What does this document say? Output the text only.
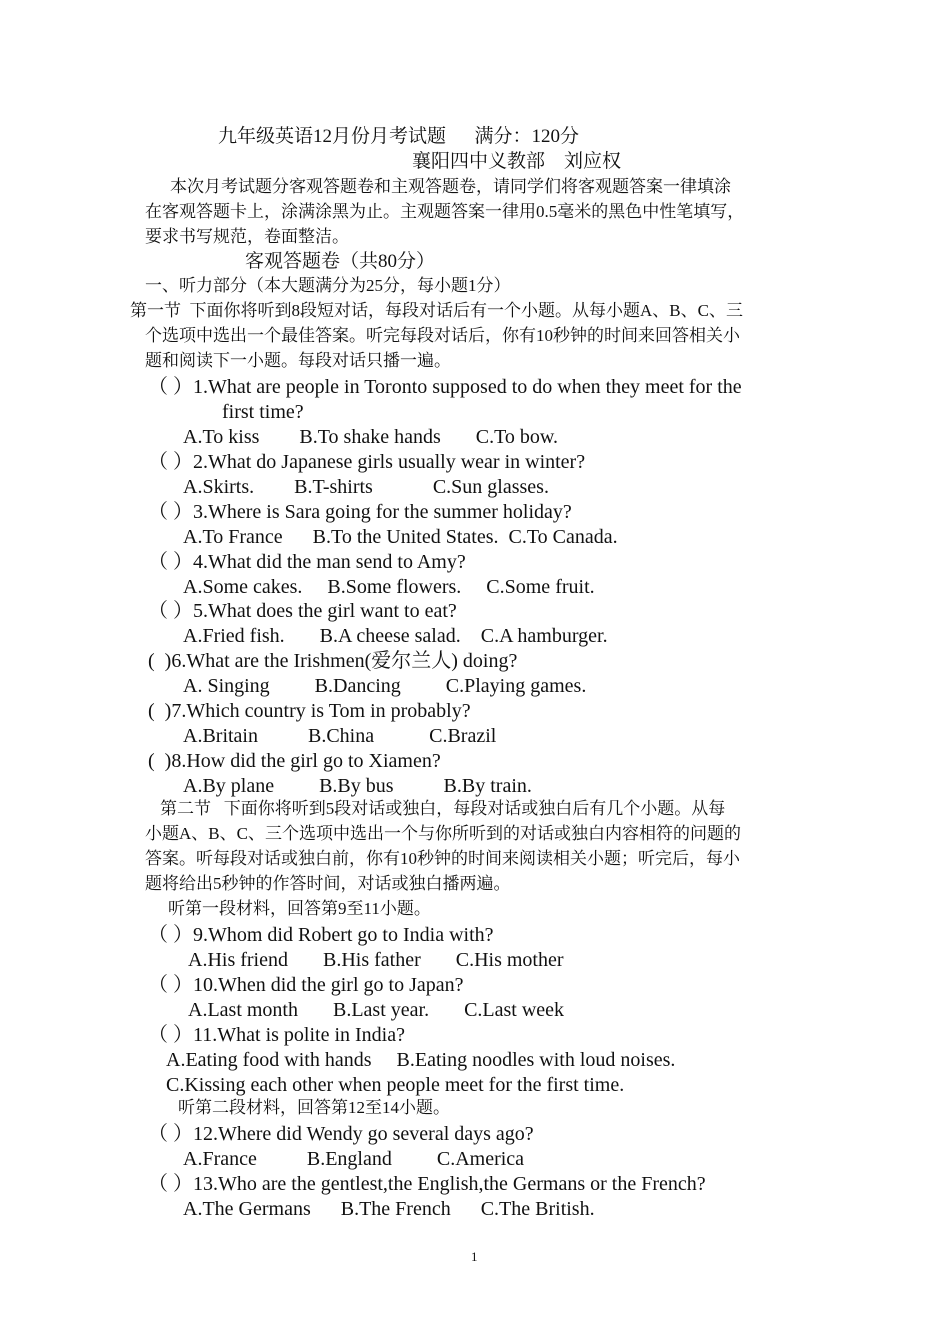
九年级英语12月份月考试题      满分：120分
襄阳四中义教部    刘应权
本次月考试题分客观答题卷和主观答题卷，请同学们将客观题答案一律填涂
在客观答题卡上，涂满涂黑为止。主观题答案一律用0.5毫米的黑色中性笔填写，
要求书写规范，卷面整洁。
客观答题卷（共80分）
一、听力部分（本大题满分为25分，每小题1分）
第一节  下面你将听到8段短对话，每段对话后有一个小题。从每小题A、B、C、三
个选项中选出一个最佳答案。听完每段对话后，你有10秒钟的时间来回答相关小
题和阅读下一小题。每段对话只播一遍。
（ ）1.What are people in Toronto supposed to do when they meet for the
first time?
A.To kiss        B.To shake hands       C.To bow.
（ ）2.What do Japanese girls usually wear in winter?
A.Skirts.        B.T-shirts            C.Sun glasses.
（ ）3.Where is Sara going for the summer holiday?
A.To France      B.To the United States.  C.To Canada.
（ ）4.What did the man send to Amy?
A.Some cakes.     B.Some flowers.     C.Some fruit.
（ ）5.What does the girl want to eat?
A.Fried fish.       B.A cheese salad.    C.A hamburger.
(  )6.What are the Irishmen(爱尔兰人) doing?
A. Singing         B.Dancing         C.Playing games.
(  )7.Which country is Tom in probably?
A.Britain          B.China           C.Brazil
(  )8.How did the girl go to Xiamen?
A.By plane         B.By bus          B.By train.
第二节   下面你将听到5段对话或独白，每段对话或独白后有几个小题。从每
小题A、B、C、三个选项中选出一个与你所听到的对话或独白内容相符的问题的
答案。听每段对话或独白前，你有10秒钟的时间来阅读相关小题；听完后，每小
题将给出5秒钟的作答时间，对话或独白播两遍。
听第一段材料，回答第9至11小题。
（ ）9.Whom did Robert go to India with?
A.His friend       B.His father       C.His mother
（ ）10.When did the girl go to Japan?
A.Last month       B.Last year.       C.Last week
（ ）11.What is polite in India?
A.Eating food with hands     B.Eating noodles with loud noises.
C.Kissing each other when people meet for the first time.
听第二段材料，回答第12至14小题。
（ ）12.Where did Wendy go several days ago?
A.France          B.England         C.America
（ ）13.Who are the gentlest,the English,the Germans or the French?
A.The Germans      B.The French      C.The British.
1
